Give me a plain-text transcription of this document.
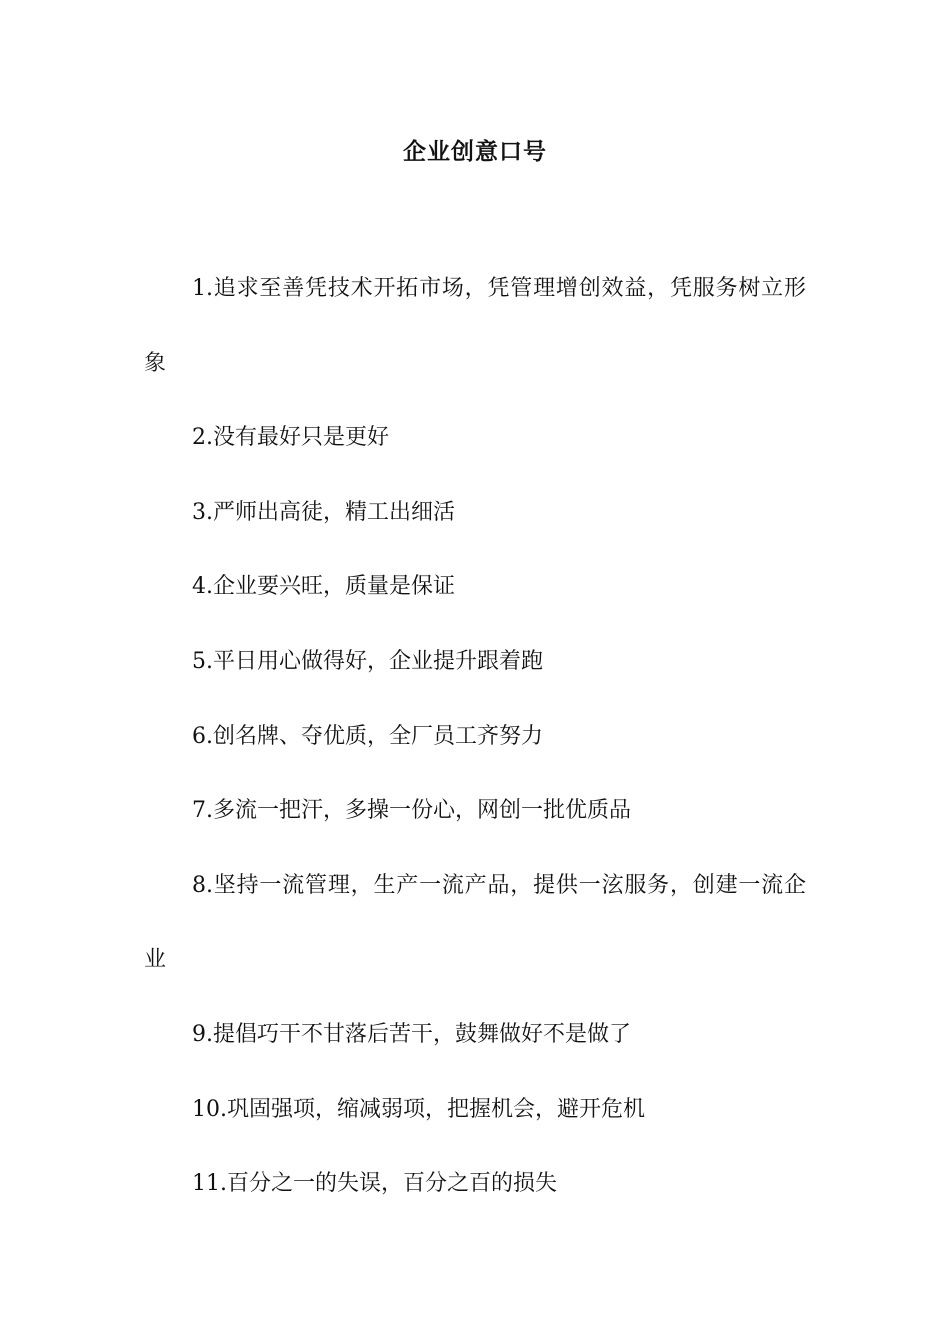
企业创意口号

1.追求至善凭技术开拓市场，凭管理增创效益，凭服务树立形象

2.没有最好只是更好

3.严师出高徒，精工出细活

4.企业要兴旺，质量是保证

5.平日用心做得好，企业提升跟着跑

6.创名牌、夺优质，全厂员工齐努力

7.多流一把汗，多操一份心，网创一批优质品

8.坚持一流管理，生产一流产品，提供一泫服务，创建一流企业

9.提倡巧干不甘落后苦干，鼓舞做好不是做了

10.巩固强项，缩减弱项，把握机会，避开危机

11.百分之一的失误，百分之百的损失
